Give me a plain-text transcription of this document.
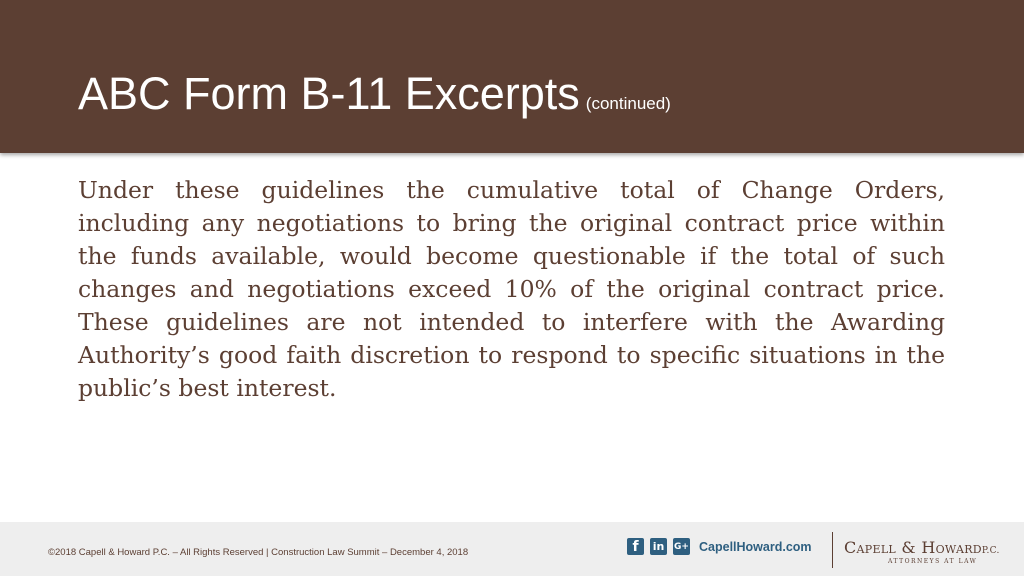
ABC Form B-11 Excerpts (continued)

Under these guidelines the cumulative total of Change Orders, including any negotiations to bring the original contract price within the funds available, would become questionable if the total of such changes and negotiations exceed 10% of the original contract price. These guidelines are not intended to interfere with the Awarding Authority’s good faith discretion to respond to specific situations in the public’s best interest.

©2018 Capell & Howard P.C. – All Rights Reserved | Construction Law Summit – December 4, 2018	f	in	G+ CapellHoward.com Capell & HowardP.C.
ATTORNEYS AT LAW
